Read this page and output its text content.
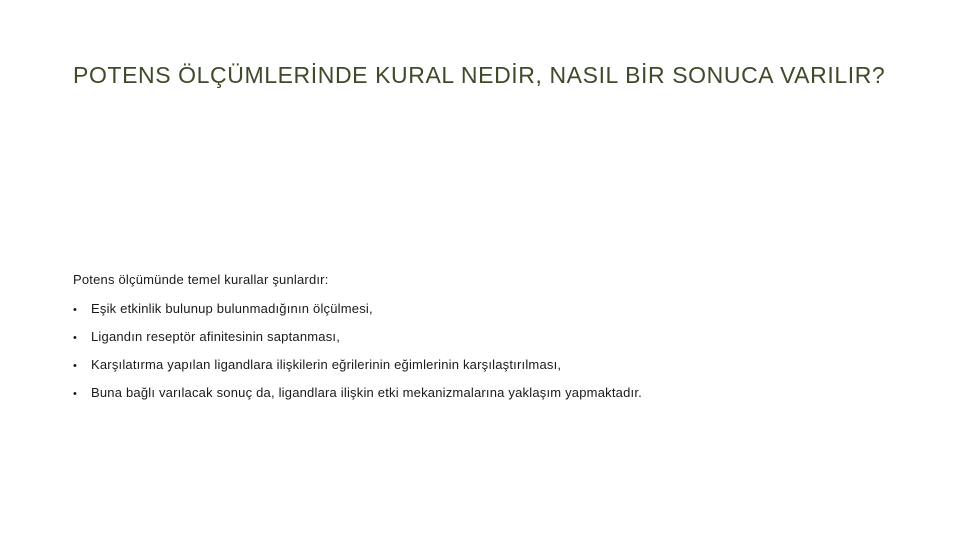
POTENS ÖLÇÜMLERİNDE KURAL NEDİR, NASIL BİR SONUCA VARILIR?

Potens ölçümünde temel kurallar şunlardır:

•	Eşik etkinlik bulunup bulunmadığının ölçülmesi,
•	Ligandın reseptör afinitesinin saptanması,
•	Karşılatırma yapılan ligandlara ilişkilerin eğrilerinin eğimlerinin karşılaştırılması,
•	Buna bağlı varılacak sonuç da, ligandlara ilişkin etki mekanizmalarına yaklaşım yapmaktadır.
